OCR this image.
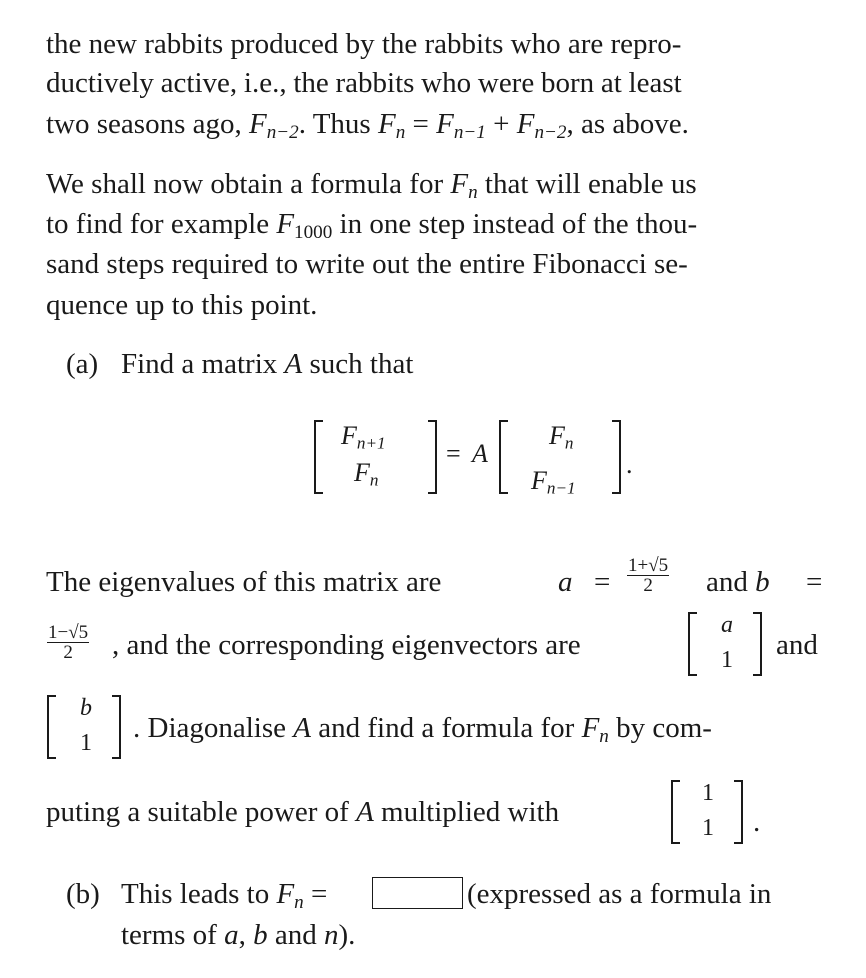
the new rabbits produced by the rabbits who are repro-
ductively active, i.e., the rabbits who were born at least
two seasons ago, $F_{n-2}$. Thus $F_n = F_{n-1} + F_{n-2}$, as above.
We shall now obtain a formula for $F_n$ that will enable us
to find for example $F_{1000}$ in one step instead of the thou-
sand steps required to write out the entire Fibonacci se-
quence up to this point.
(a) Find a matrix A such that
$F_{n+1}$
$F_n$
= A
$F_n$
$F_{n-1}$
.
The eigenvalues of this matrix are	$a = \frac{1+√5}{2}$ and b =
$\frac{1-√5}{2}$ , and the corresponding eigenvectors are
a
1 and
b
1 . Diagonalise A and find a formula for $F_n$ by com-
puting a suitable power of A multiplied with
1
1 .
(b) This leads to $F_n$ =	(expressed as a formula in
terms of a, b and n).
